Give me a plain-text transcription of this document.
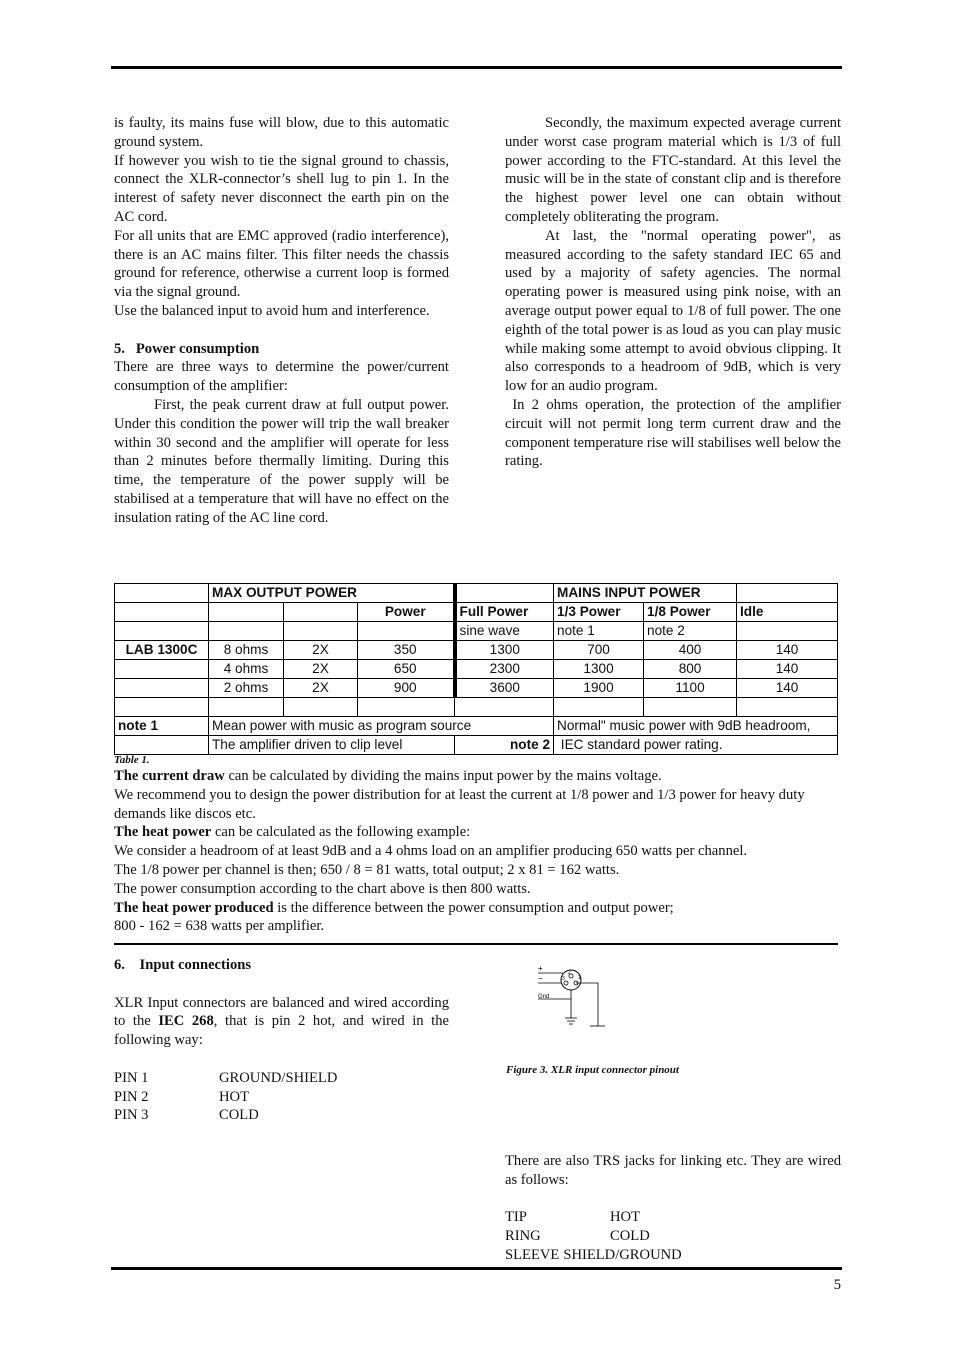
is faulty, its mains fuse will blow, due to this automatic ground system.

If however you wish to tie the signal ground to chassis, connect the XLR-connector’s shell lug to pin 1. In the interest of safety never disconnect the earth pin on the AC cord.

For all units that are EMC approved (radio interference), there is an AC mains filter. This filter needs the chassis ground for reference, otherwise a current loop is formed via the signal ground.

Use the balanced input to avoid hum and interference.

5.   Power consumption

There are three ways to determine the power/current consumption of the amplifier:

First, the peak current draw at full output power. Under this condition the power will trip the wall breaker within 30 second and the amplifier will operate for less than 2 minutes before thermally limiting. During this time, the temperature of the power supply will be stabilised at a temperature that will have no effect on the insulation rating of the AC line cord.

Secondly, the maximum expected average current under worst case program material which is 1/3 of full power according to the FTC-standard. At this level the music will be in the state of constant clip and is therefore the highest power level one can obtain without completely obliterating the program.

At last, the "normal operating power", as measured according to the safety standard IEC 65 and used by a majority of safety agencies. The normal operating power is measured using pink noise, with an average output power equal to 1/8 of full power. The one eighth of the total power is as loud as you can play music while making some attempt to avoid obvious clipping. It also corresponds to a headroom of 9dB, which is very low for an audio program.

In 2 ohms operation, the protection of the amplifier circuit will not permit long term current draw and the component temperature rise will stabilises well below the rating.

	MAX OUTPUT POWER				MAINS INPUT POWER		
			Power	Full Power	1/3 Power	1/8 Power	Idle
				sine wave	note 1	note 2	
LAB 1300C	8 ohms	2X	350	1300	700	400	140
	4 ohms	2X	650	2300	1300	800	140
	2 ohms	2X	900	3600	1900	1100	140

note 1	Mean power with music as program source				Normal" music power with 9dB headroom,		
	The amplifier driven to clip level			note 2	IEC standard power rating.		
Table 1.

The current draw can be calculated by dividing the mains input power by the mains voltage.

We recommend you to design the power distribution for at least the current at 1/8 power and 1/3 power for heavy duty demands like discos etc.

The heat power can be calculated as the following example:

We consider a headroom of at least 9dB and a 4 ohms load on an amplifier producing 650 watts per channel.

The 1/8 power per channel is then; 650 / 8 = 81 watts, total output; 2 x 81 = 162 watts.

The power consumption according to the chart above is then 800 watts.

The heat power produced is the difference between the power consumption and output power;

800 - 162 = 638 watts per amplifier.

6.    Input connections

XLR Input connectors are balanced and wired according to the IEC 268, that is pin 2 hot, and wired in the following way:

PIN 1	GROUND/SHIELD
PIN 2	HOT
PIN 3	COLD
+
−
Gnd
2
3	1
Figure 3. XLR input connector pinout

There are also TRS jacks for linking etc. They are wired as follows:

TIP	HOT
RING	COLD
SLEEVE SHIELD/GROUND
5
